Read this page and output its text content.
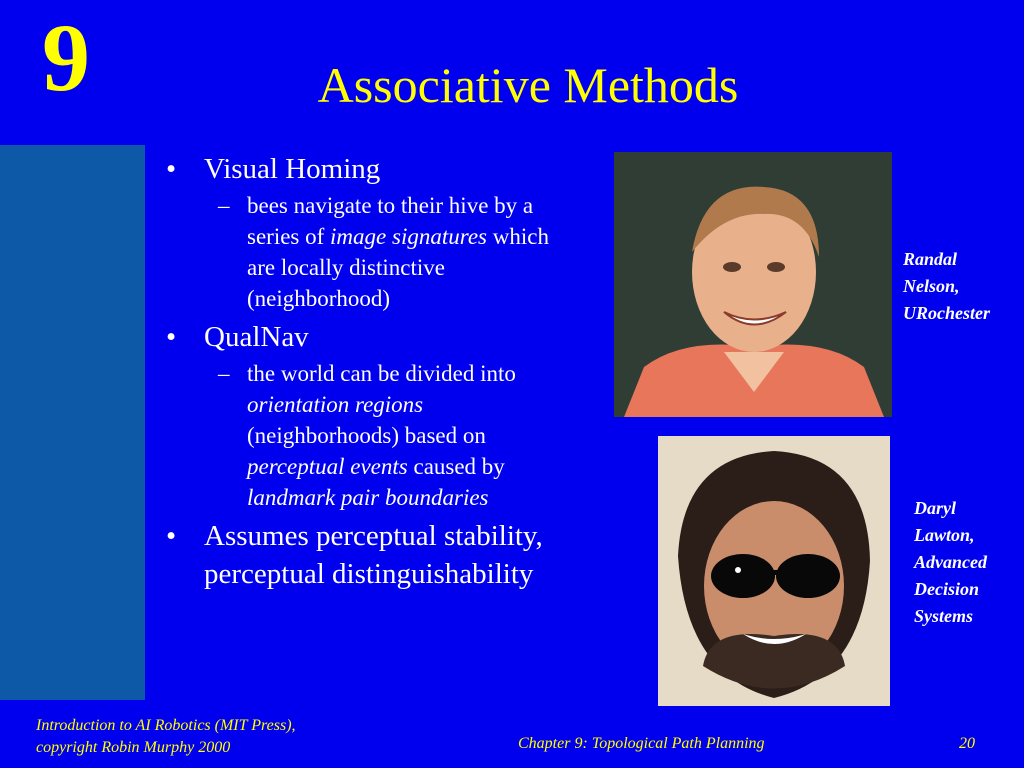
9	Associative Methods
• Visual Homing
– bees navigate to their hive by a series of image signatures which are locally distinctive (neighborhood)

• QualNav
– the world can be divided into orientation regions (neighborhoods) based on perceptual events caused by landmark pair boundaries

• Assumes perceptual stability, perceptual distinguishability
Randal
Nelson,
URochester
Daryl
Lawton,
Advanced
Decision
Systems
Introduction to AI Robotics (MIT Press),
copyright Robin Murphy 2000	Chapter 9: Topological Path Planning	20
